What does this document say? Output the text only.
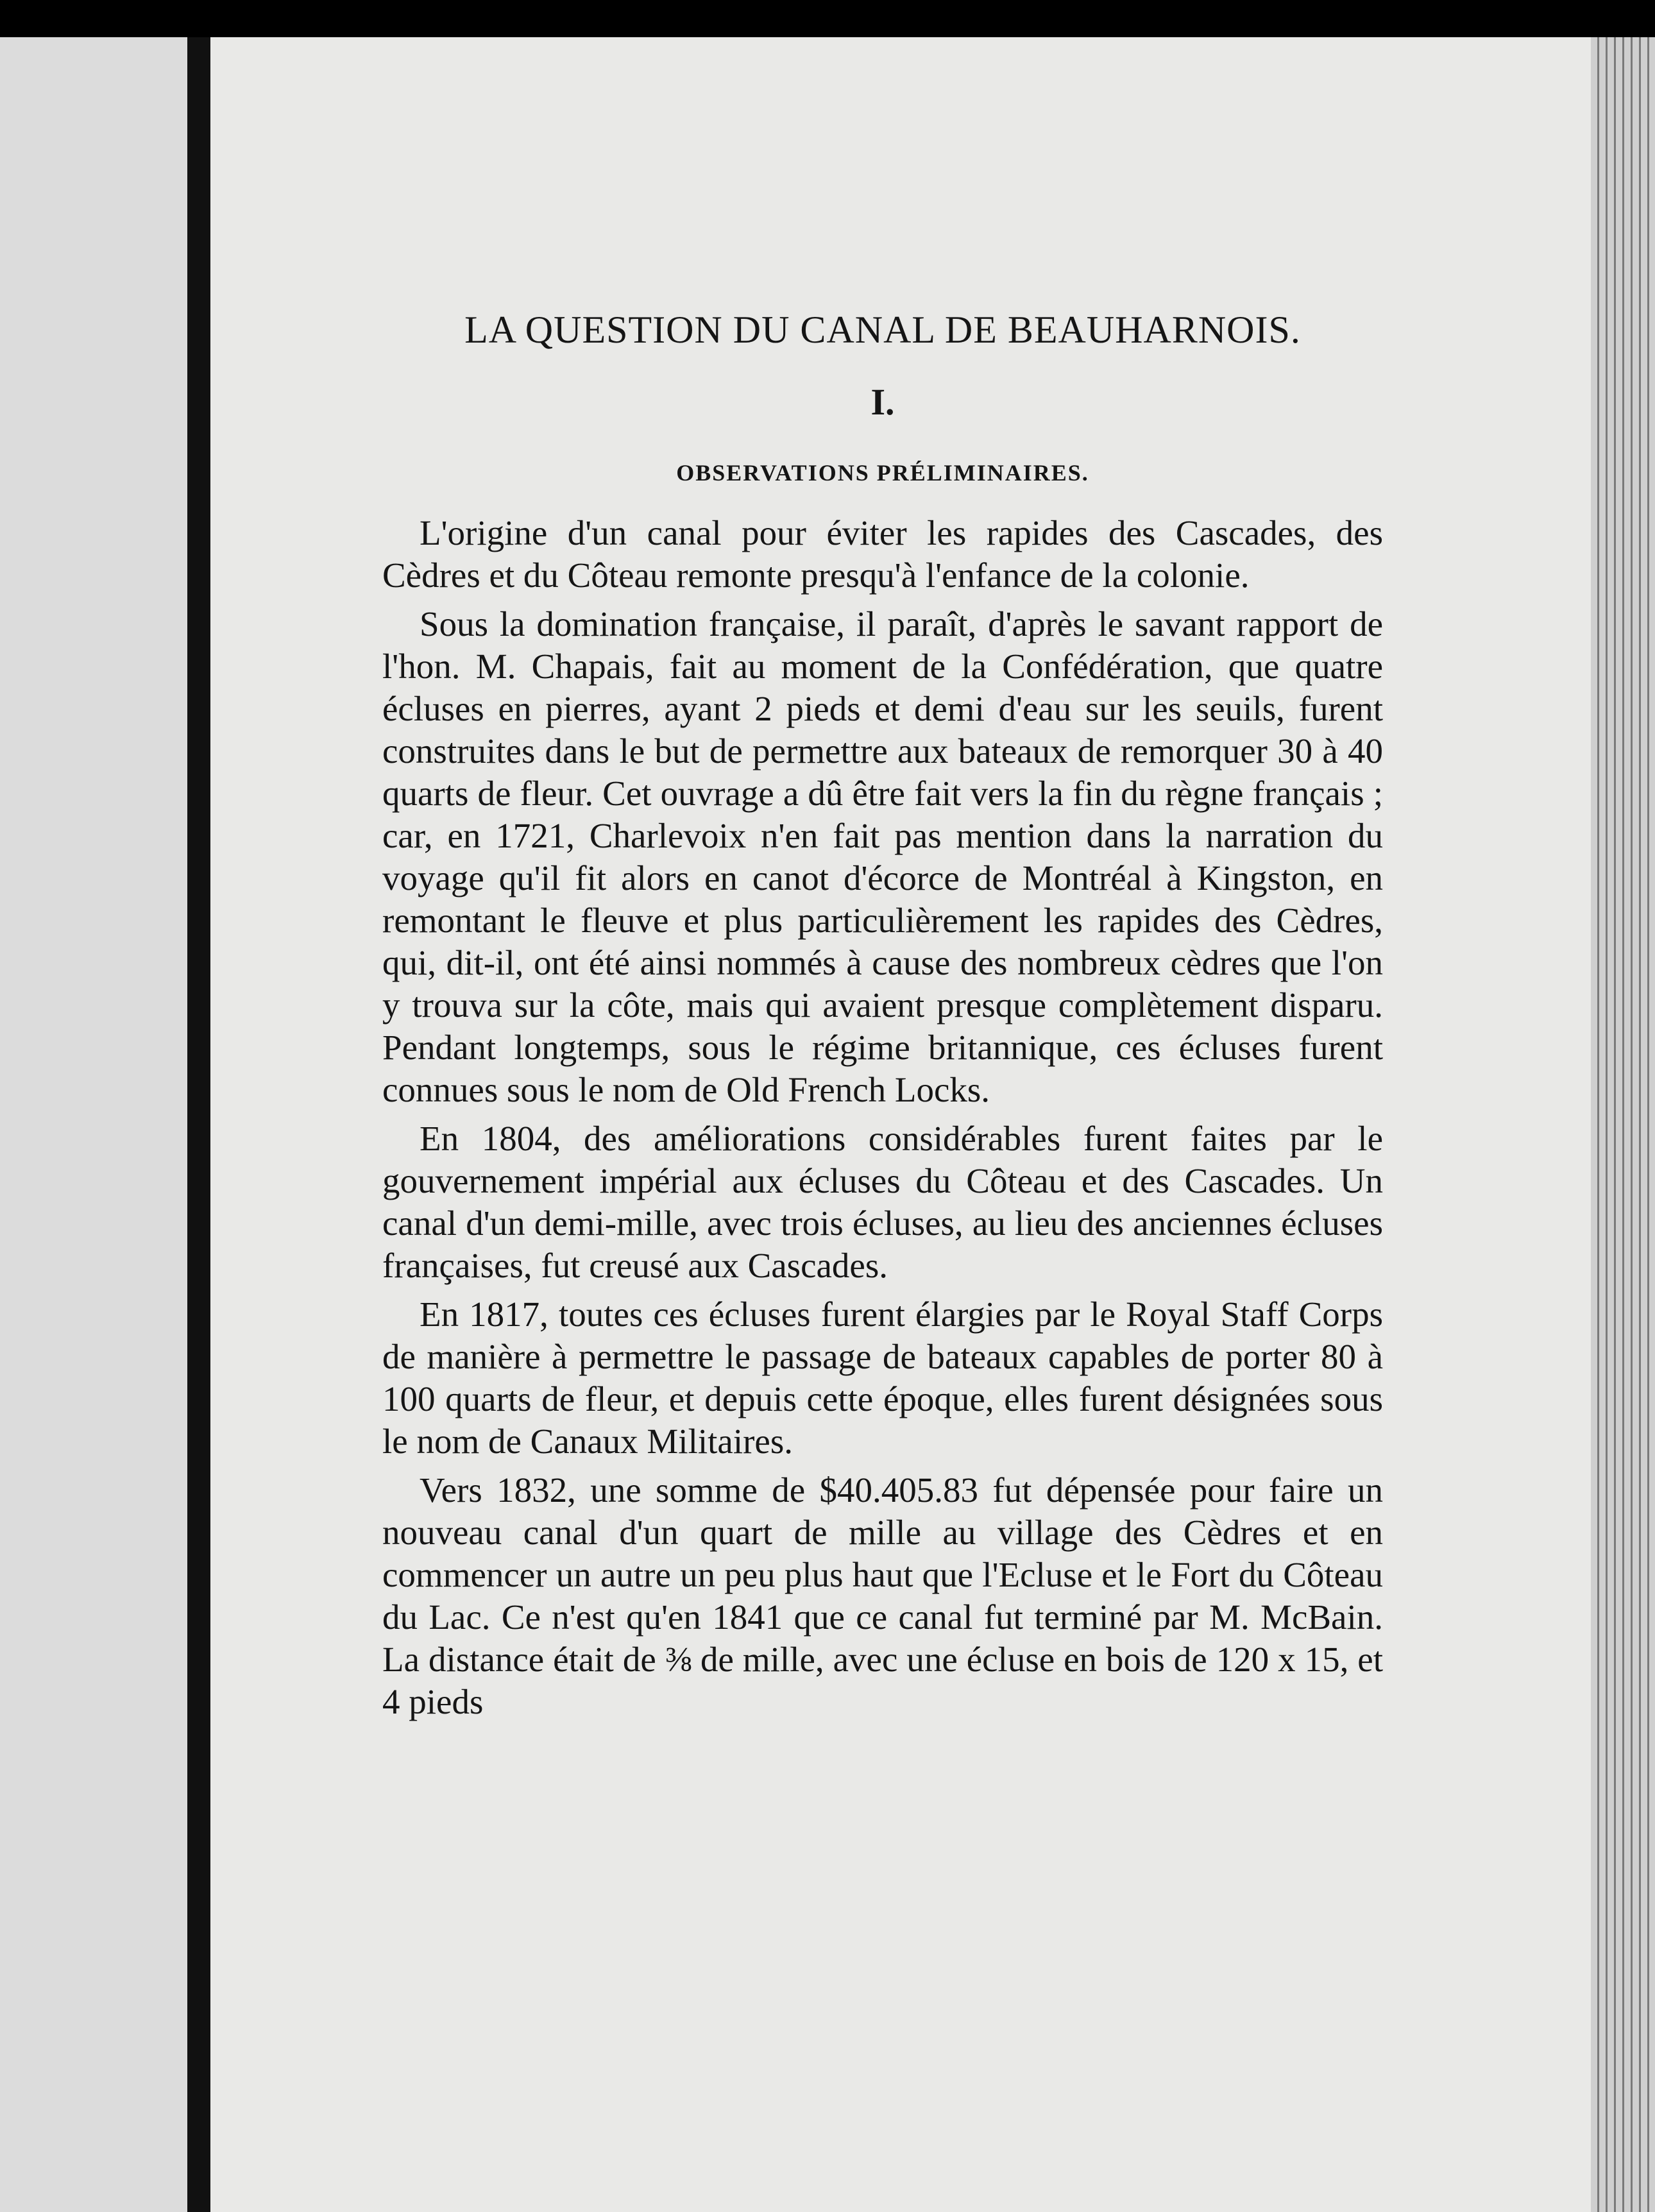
LA QUESTION DU CANAL DE BEAUHARNOIS.
I.
OBSERVATIONS PRÉLIMINAIRES.

L'origine d'un canal pour éviter les rapides des Cascades, des Cèdres et du Côteau remonte presqu'à l'enfance de la colonie.

Sous la domination française, il paraît, d'après le savant rapport de l'hon. M. Chapais, fait au moment de la Confédération, que quatre écluses en pierres, ayant 2 pieds et demi d'eau sur les seuils, furent construites dans le but de permettre aux bateaux de remorquer 30 à 40 quarts de fleur. Cet ouvrage a dû être fait vers la fin du règne français ; car, en 1721, Charlevoix n'en fait pas mention dans la narration du voyage qu'il fit alors en canot d'écorce de Montréal à Kingston, en remontant le fleuve et plus particulièrement les rapides des Cèdres, qui, dit-il, ont été ainsi nommés à cause des nombreux cèdres que l'on y trouva sur la côte, mais qui avaient presque complètement disparu. Pendant longtemps, sous le régime britannique, ces écluses furent connues sous le nom de Old French Locks.

En 1804, des améliorations considérables furent faites par le gouvernement impérial aux écluses du Côteau et des Cascades. Un canal d'un demi-mille, avec trois écluses, au lieu des anciennes écluses françaises, fut creusé aux Cascades.

En 1817, toutes ces écluses furent élargies par le Royal Staff Corps de manière à permettre le passage de bateaux capables de porter 80 à 100 quarts de fleur, et depuis cette époque, elles furent désignées sous le nom de Canaux Militaires.

Vers 1832, une somme de $40.405.83 fut dépensée pour faire un nouveau canal d'un quart de mille au village des Cèdres et en commencer un autre un peu plus haut que l'Ecluse et le Fort du Côteau du Lac. Ce n'est qu'en 1841 que ce canal fut terminé par M. McBain. La distance était de ⅜ de mille, avec une écluse en bois de 120 x 15, et 4 pieds
